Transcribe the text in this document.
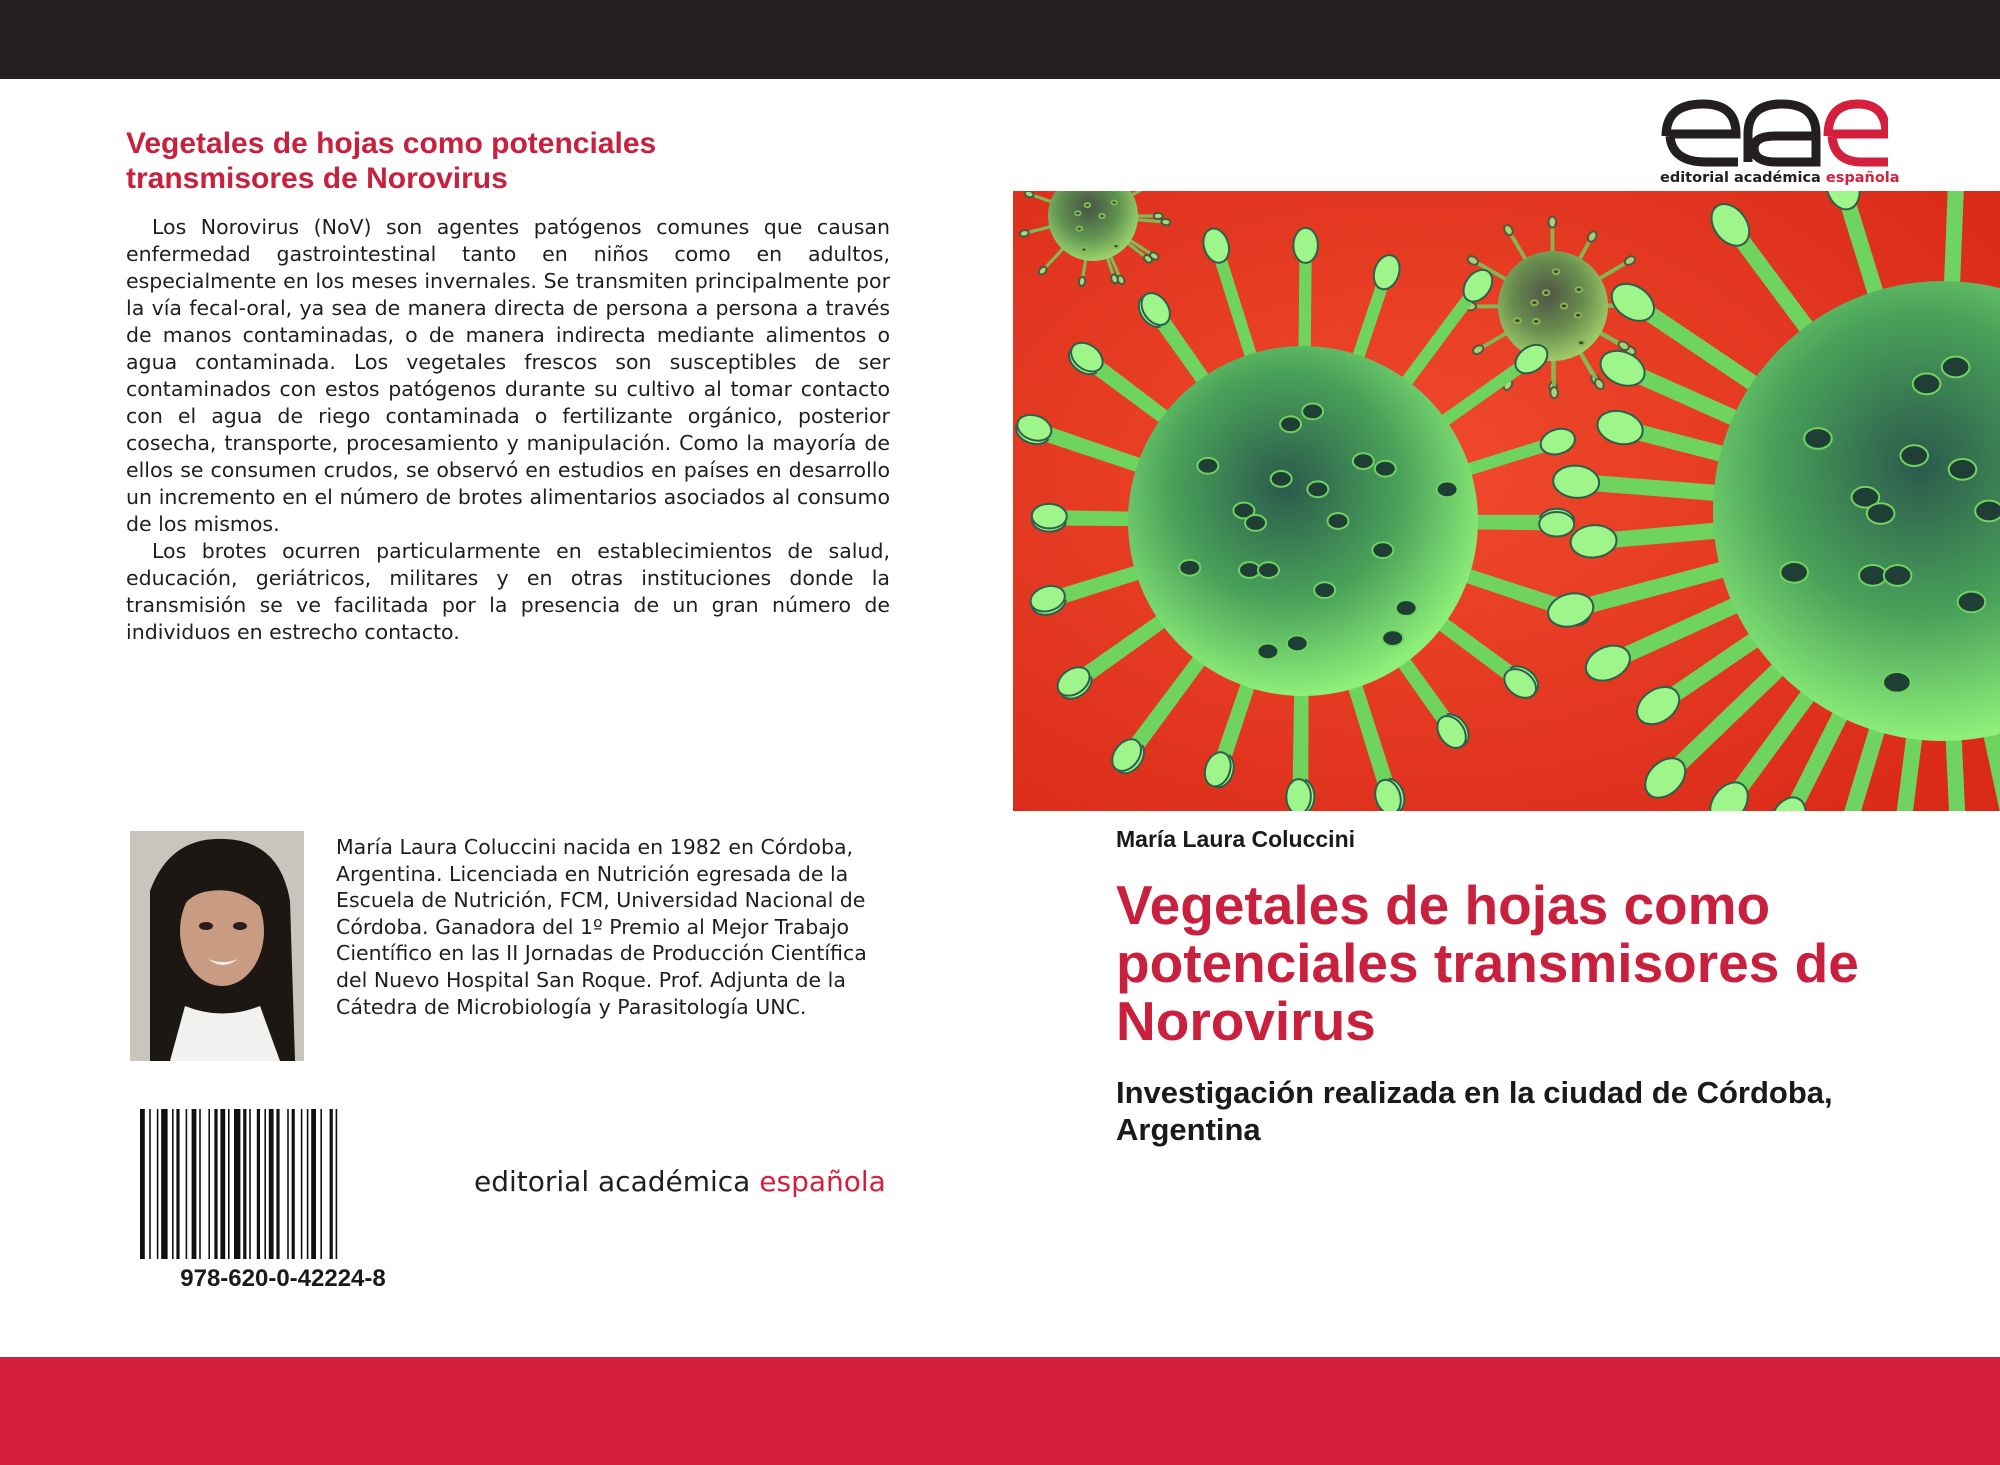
Vegetales de hojas como potenciales transmisores de Norovirus

Los Norovirus (NoV) son agentes patógenos comunes que causan enfermedad gastrointestinal tanto en niños como en adultos, especialmente en los meses invernales. Se transmiten principalmente por la vía fecal-oral, ya sea de manera directa de persona a persona a través de manos contaminadas, o de manera indirecta mediante alimentos o agua contaminada. Los vegetales frescos son susceptibles de ser contaminados con estos patógenos durante su cultivo al tomar contacto con el agua de riego contaminada o fertilizante orgánico, posterior cosecha, transporte, procesamiento y manipulación. Como la mayoría de ellos se consumen crudos, se observó en estudios en países en desarrollo un incremento en el número de brotes alimentarios asociados al consumo de los mismos.

Los brotes ocurren particularmente en establecimientos de salud, educación, geriátricos, militares y en otras instituciones donde la transmisión se ve facilitada por la presencia de un gran número de individuos en estrecho contacto.

María Laura Coluccini nacida en 1982 en Córdoba, Argentina. Licenciada en Nutrición egresada de la Escuela de Nutrición, FCM, Universidad Nacional de Córdoba. Ganadora del 1º Premio al Mejor Trabajo Científico en las II Jornadas de Producción Científica del Nuevo Hospital San Roque. Prof. Adjunta de la Cátedra de Microbiología y Parasitología UNC.
978-620-0-42224-8
editorial académica española
editorial académica española
María Laura Coluccini
Vegetales de hojas como potenciales transmisores de Norovirus
Investigación realizada en la ciudad de Córdoba, Argentina
